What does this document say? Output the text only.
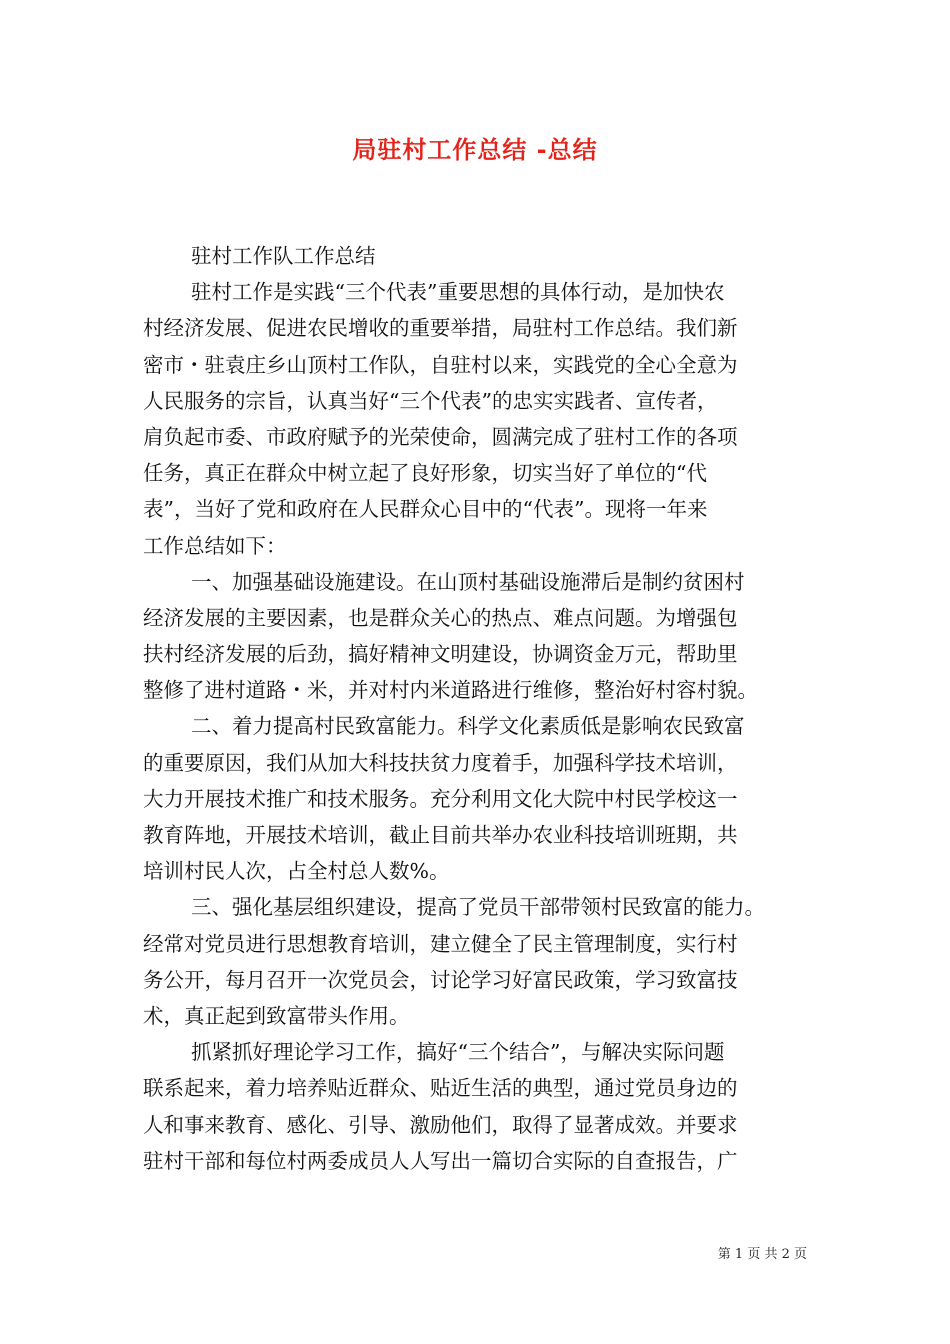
局驻村工作总结 -总结
驻村工作队工作总结
驻村工作是实践“三个代表”重要思想的具体行动，是加快农
村经济发展、促进农民增收的重要举措，局驻村工作总结。我们新
密市・驻袁庄乡山顶村工作队，自驻村以来，实践党的全心全意为
人民服务的宗旨，认真当好“三个代表”的忠实实践者、宣传者，
肩负起市委、市政府赋予的光荣使命，圆满完成了驻村工作的各项
任务，真正在群众中树立起了良好形象，切实当好了单位的“代
表”，当好了党和政府在人民群众心目中的“代表”。现将一年来
工作总结如下：
一、加强基础设施建设。在山顶村基础设施滞后是制约贫困村
经济发展的主要因素，也是群众关心的热点、难点问题。为增强包
扶村经济发展的后劲，搞好精神文明建设，协调资金万元，帮助里
整修了进村道路・米，并对村内米道路进行维修，整治好村容村貌。
二、着力提高村民致富能力。科学文化素质低是影响农民致富
的重要原因，我们从加大科技扶贫力度着手，加强科学技术培训，
大力开展技术推广和技术服务。充分利用文化大院中村民学校这一
教育阵地，开展技术培训，截止目前共举办农业科技培训班期，共
培训村民人次，占全村总人数%。
三、强化基层组织建设，提高了党员干部带领村民致富的能力。
经常对党员进行思想教育培训，建立健全了民主管理制度，实行村
务公开，每月召开一次党员会，讨论学习好富民政策，学习致富技
术，真正起到致富带头作用。
抓紧抓好理论学习工作，搞好“三个结合”，与解决实际问题
联系起来，着力培养贴近群众、贴近生活的典型，通过党员身边的
人和事来教育、感化、引导、激励他们，取得了显著成效。并要求
驻村干部和每位村两委成员人人写出一篇切合实际的自查报告，广
第 1 页 共 2 页
